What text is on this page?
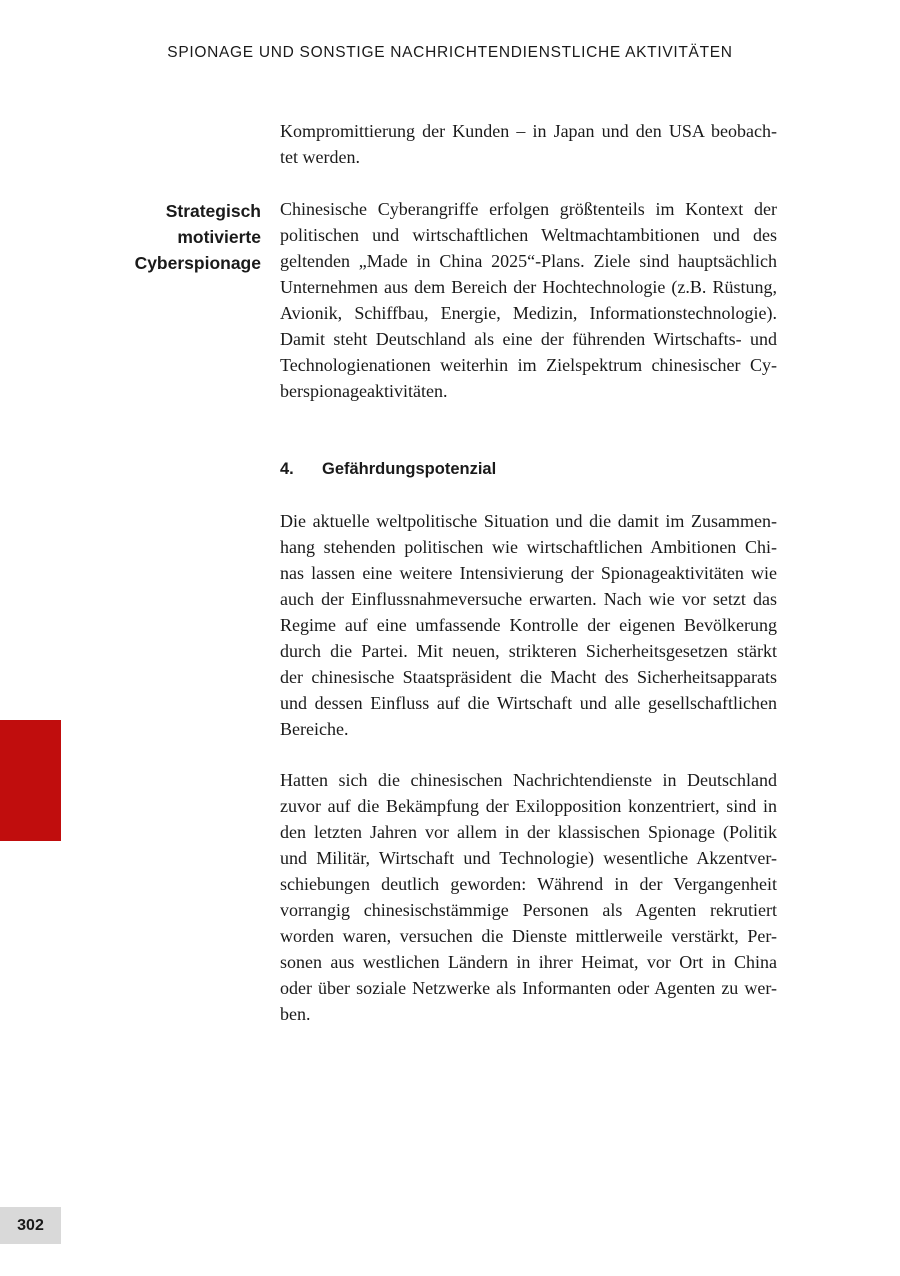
SPIONAGE UND SONSTIGE NACHRICHTENDIENSTLICHE AKTIVITÄTEN

Kompromittierung der Kunden – in Japan und den USA beobach-
tet werden.

Strategisch
motivierte
Cyberspionage

Chinesische Cyberangriffe erfolgen größtenteils im Kontext der
politischen und wirtschaftlichen Weltmachtambitionen und des
geltenden „Made in China 2025“-Plans. Ziele sind hauptsächlich
Unternehmen aus dem Bereich der Hochtechnologie (z.B. Rüstung,
Avionik, Schiffbau, Energie, Medizin, Informationstechnologie).
Damit steht Deutschland als eine der führenden Wirtschafts- und
Technologienationen weiterhin im Zielspektrum chinesischer Cy-
berspionageaktivitäten.

4. Gefährdungspotenzial

Die aktuelle weltpolitische Situation und die damit im Zusammen-
hang stehenden politischen wie wirtschaftlichen Ambitionen Chi-
nas lassen eine weitere Intensivierung der Spionageaktivitäten wie
auch der Einflussnahmeversuche erwarten. Nach wie vor setzt das
Regime auf eine umfassende Kontrolle der eigenen Bevölkerung
durch die Partei. Mit neuen, strikteren Sicherheitsgesetzen stärkt
der chinesische Staatspräsident die Macht des Sicherheitsapparats
und dessen Einfluss auf die Wirtschaft und alle gesellschaftlichen
Bereiche.

Hatten sich die chinesischen Nachrichtendienste in Deutschland
zuvor auf die Bekämpfung der Exilopposition konzentriert, sind in
den letzten Jahren vor allem in der klassischen Spionage (Politik
und Militär, Wirtschaft und Technologie) wesentliche Akzentver-
schiebungen deutlich geworden: Während in der Vergangenheit
vorrangig chinesischstämmige Personen als Agenten rekrutiert
worden waren, versuchen die Dienste mittlerweile verstärkt, Per-
sonen aus westlichen Ländern in ihrer Heimat, vor Ort in China
oder über soziale Netzwerke als Informanten oder Agenten zu wer-
ben.

302
